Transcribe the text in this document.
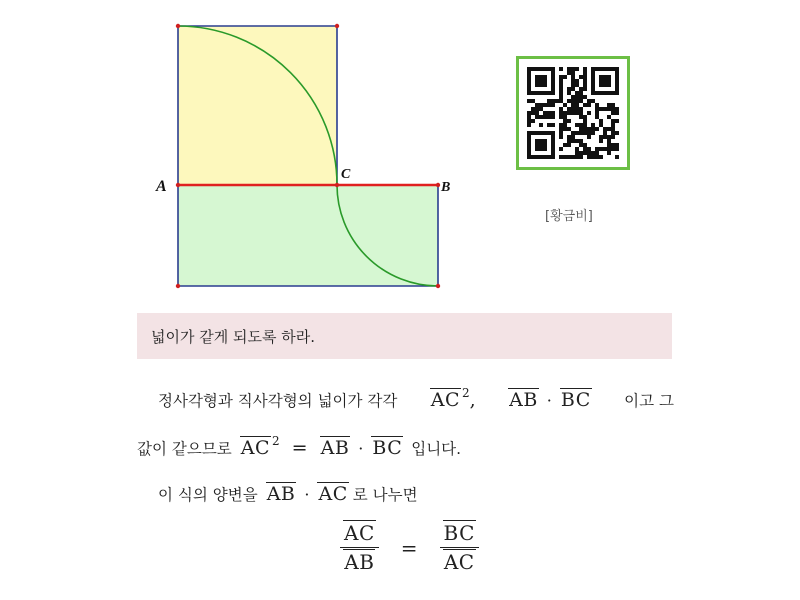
A
C
B
[황금비]
넓이가 같게 되도록 하라.
정사각형과 직사각형의 넓이가 각각 AC $^2$, AB · BC 이고 그
값이 같으므로 AC $^2$ = AB · BC 입니다.
이 식의 양변을 AB · AC 로 나누면
$\frac{AC}{AB} = \frac{BC}{AC}$
